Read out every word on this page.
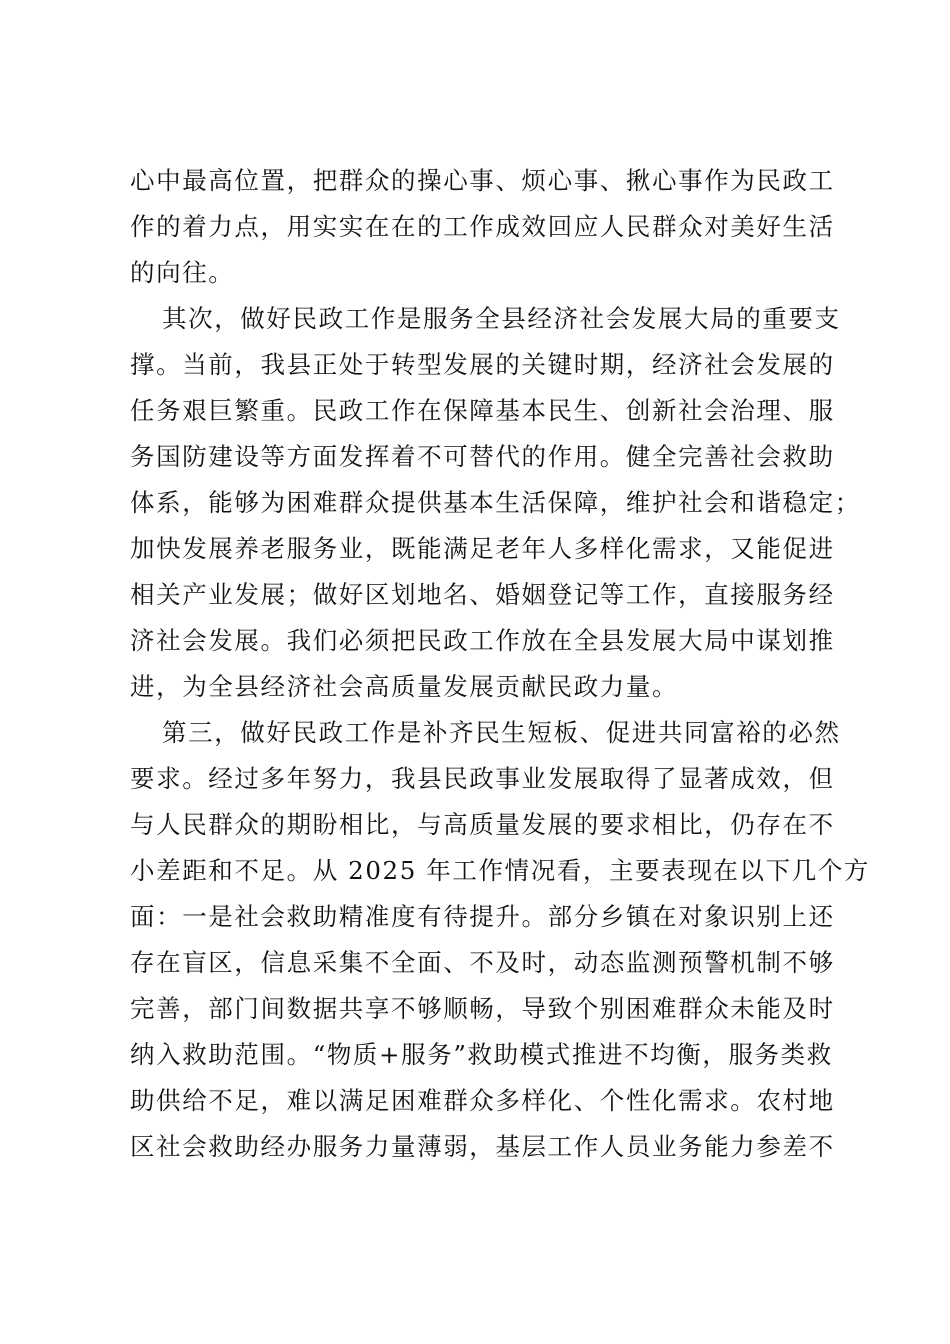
心中最高位置，把群众的操心事、烦心事、揪心事作为民政工
作的着力点，用实实在在的工作成效回应人民群众对美好生活
的向往。
其次，做好民政工作是服务全县经济社会发展大局的重要支
撑。当前，我县正处于转型发展的关键时期，经济社会发展的
任务艰巨繁重。民政工作在保障基本民生、创新社会治理、服
务国防建设等方面发挥着不可替代的作用。健全完善社会救助
体系，能够为困难群众提供基本生活保障，维护社会和谐稳定；
加快发展养老服务业，既能满足老年人多样化需求，又能促进
相关产业发展；做好区划地名、婚姻登记等工作，直接服务经
济社会发展。我们必须把民政工作放在全县发展大局中谋划推
进，为全县经济社会高质量发展贡献民政力量。
第三，做好民政工作是补齐民生短板、促进共同富裕的必然
要求。经过多年努力，我县民政事业发展取得了显著成效，但
与人民群众的期盼相比，与高质量发展的要求相比，仍存在不
小差距和不足。从 2025 年工作情况看，主要表现在以下几个方
面：一是社会救助精准度有待提升。部分乡镇在对象识别上还
存在盲区，信息采集不全面、不及时，动态监测预警机制不够
完善，部门间数据共享不够顺畅，导致个别困难群众未能及时
纳入救助范围。“物质+服务”救助模式推进不均衡，服务类救
助供给不足，难以满足困难群众多样化、个性化需求。农村地
区社会救助经办服务力量薄弱，基层工作人员业务能力参差不
